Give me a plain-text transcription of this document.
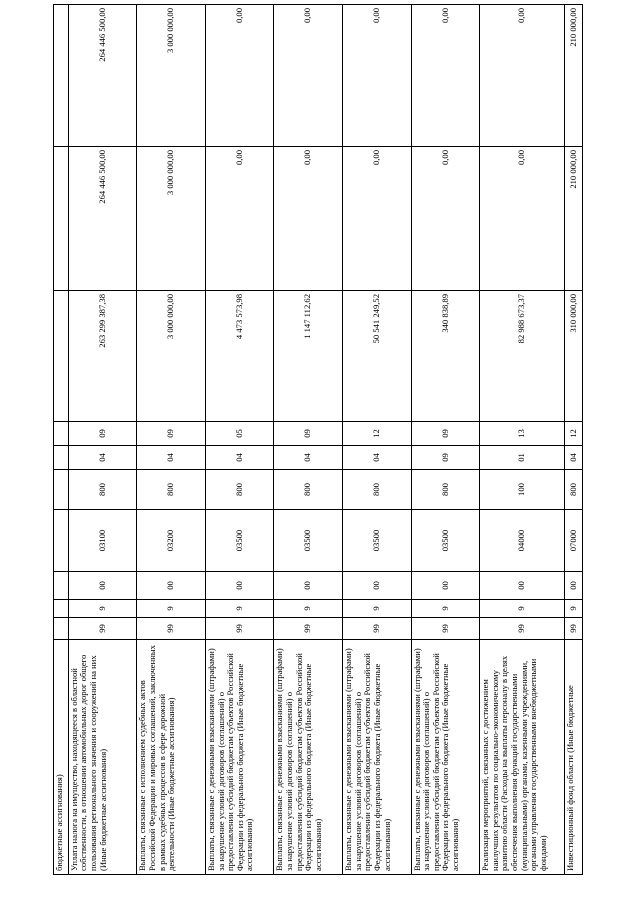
бюджетные ассигнования)										
Уплата налога на имущество, находящееся в областной собственности, в отношении автомобильных дорог общего пользования регионального значения и сооружений на них (Иные бюджетные ассигнования)	99	9	00	03100	800	04	09	263 299 387,38	264 446 500,00	264 446 500,00
Выплаты, связанные с исполнением судебных актов Российской Федерации и мировых соглашений, заключенных в рамках судебных процессов в сфере дорожной деятельности (Иные бюджетные ассигнования)	99	9	00	03200	800	04	09	3 000 000,00	3 000 000,00	3 000 000,00
Выплаты, связанные с денежными взысканиями (штрафами) за нарушение условий договоров (соглашений) о предоставлении субсидий бюджетам субъектов Российской Федерации из федерального бюджета (Иные бюджетные ассигнования)	99	9	00	03500	800	04	05	4 473 573,98	0,00	0,00
Выплаты, связанные с денежными взысканиями (штрафами) за нарушение условий договоров (соглашений) о предоставлении субсидий бюджетам субъектов Российской Федерации из федерального бюджета (Иные бюджетные ассигнования)	99	9	00	03500	800	04	09	1 147 112,62	0,00	0,00
Выплаты, связанные с денежными взысканиями (штрафами) за нарушение условий договоров (соглашений) о предоставлении субсидий бюджетам субъектов Российской Федерации из федерального бюджета (Иные бюджетные ассигнования)	99	9	00	03500	800	04	12	50 541 249,52	0,00	0,00
Выплаты, связанные с денежными взысканиями (штрафами) за нарушение условий договоров (соглашений) о предоставлении субсидий бюджетам субъектов Российской Федерации из федерального бюджета (Иные бюджетные ассигнования)	99	9	00	03500	800	09	09	340 838,89	0,00	0,00
Реализация мероприятий, связанных с достижением наилучших результатов по социально-экономическому развитию области (Расходы на выплаты персоналу в целях обеспечения выполнения функций государственными (муниципальными) органами, казенными учреждениями, органами управления государственными внебюджетными фондами)	99	9	00	04000	100	01	13	82 988 673,37	0,00	0,00
Инвестиционный фонд области (Иные бюджетные	99	9	00	07000	800	04	12	310 000,00	210 000,00	210 000,00
